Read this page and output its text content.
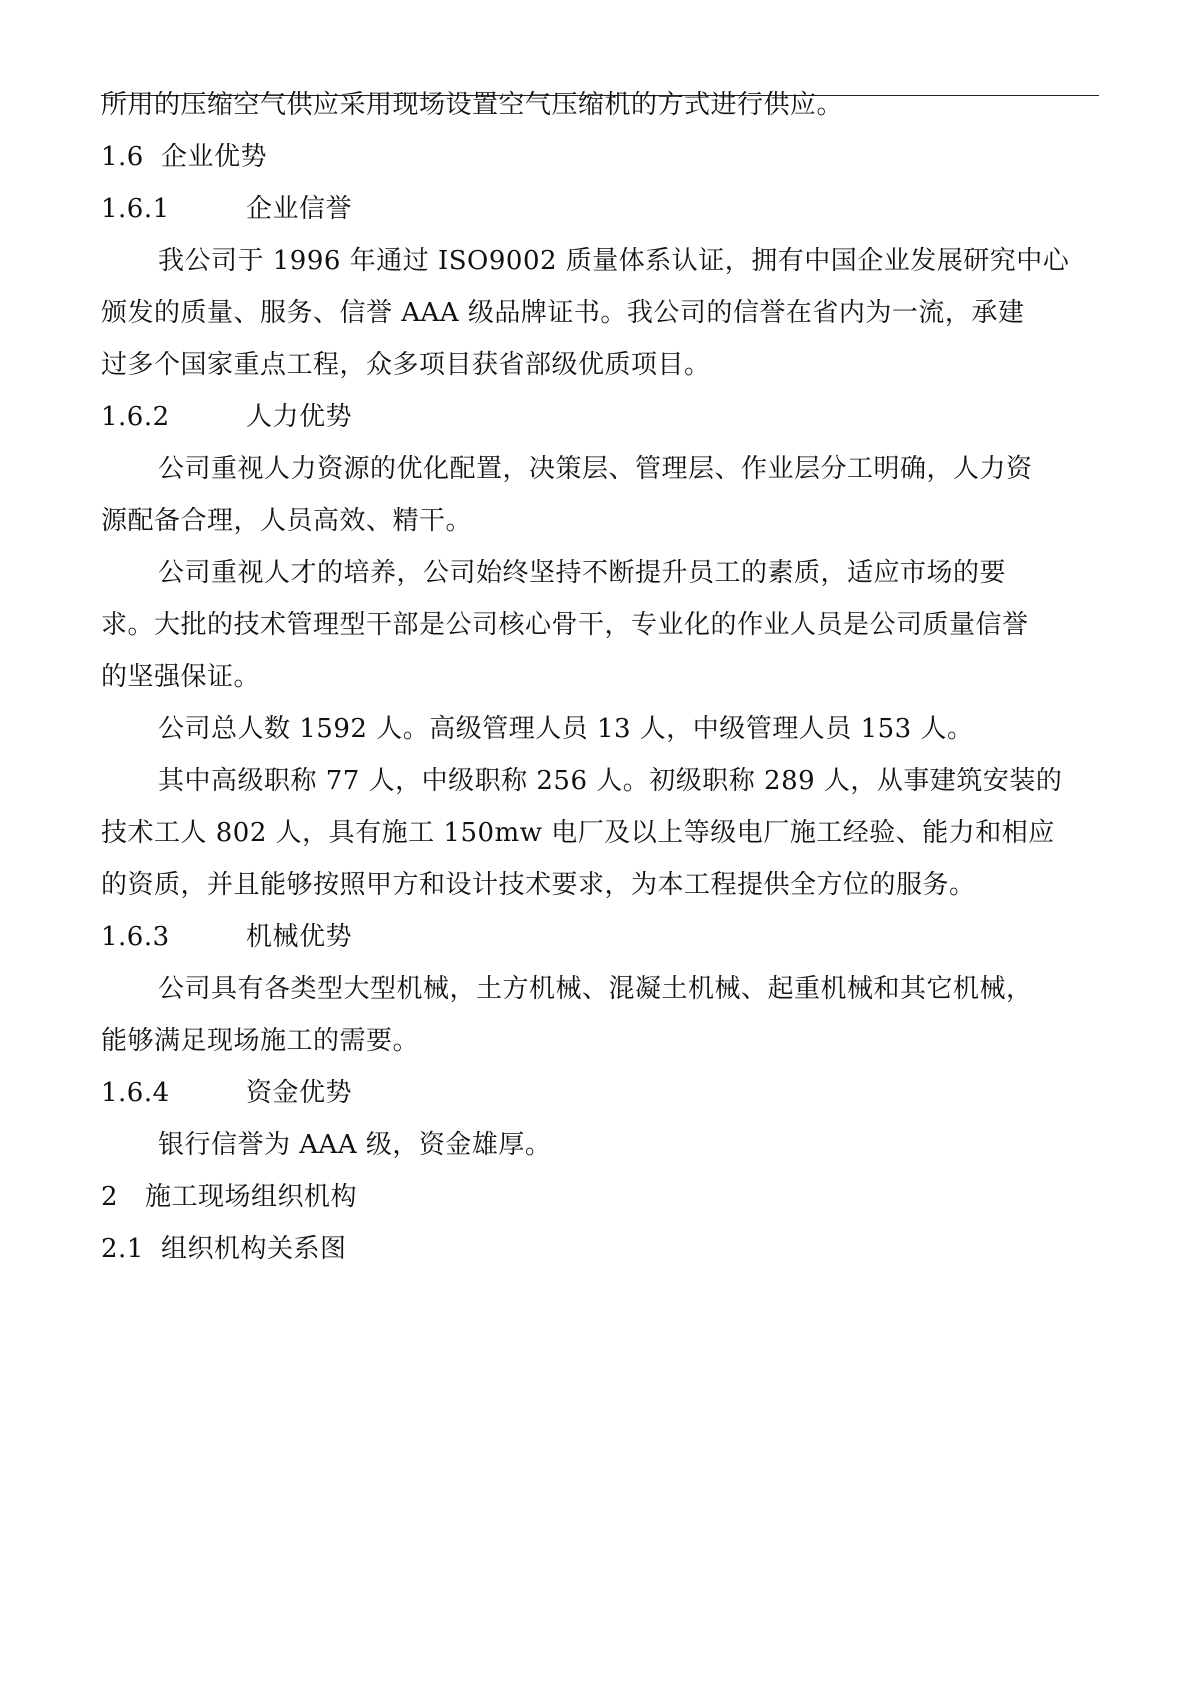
所用的压缩空气供应采用现场设置空气压缩机的方式进行供应。
1.6 企业优势
1.6.1	企业信誉
我公司于 1996 年通过 ISO9002 质量体系认证，拥有中国企业发展研究中心
颁发的质量、服务、信誉 AAA 级品牌证书。我公司的信誉在省内为一流，承建
过多个国家重点工程，众多项目获省部级优质项目。
1.6.2	人力优势
公司重视人力资源的优化配置，决策层、管理层、作业层分工明确，人力资
源配备合理，人员高效、精干。
公司重视人才的培养，公司始终坚持不断提升员工的素质，适应市场的要
求。大批的技术管理型干部是公司核心骨干，专业化的作业人员是公司质量信誉
的坚强保证。
公司总人数 1592 人。高级管理人员 13 人，中级管理人员 153 人。
其中高级职称 77 人，中级职称 256 人。初级职称 289 人，从事建筑安装的
技术工人 802 人，具有施工 150mw 电厂及以上等级电厂施工经验、能力和相应
的资质，并且能够按照甲方和设计技术要求，为本工程提供全方位的服务。
1.6.3	机械优势
公司具有各类型大型机械，土方机械、混凝土机械、起重机械和其它机械，
能够满足现场施工的需要。
1.6.4	资金优势
银行信誉为 AAA 级，资金雄厚。
2 施工现场组织机构
2.1 组织机构关系图
